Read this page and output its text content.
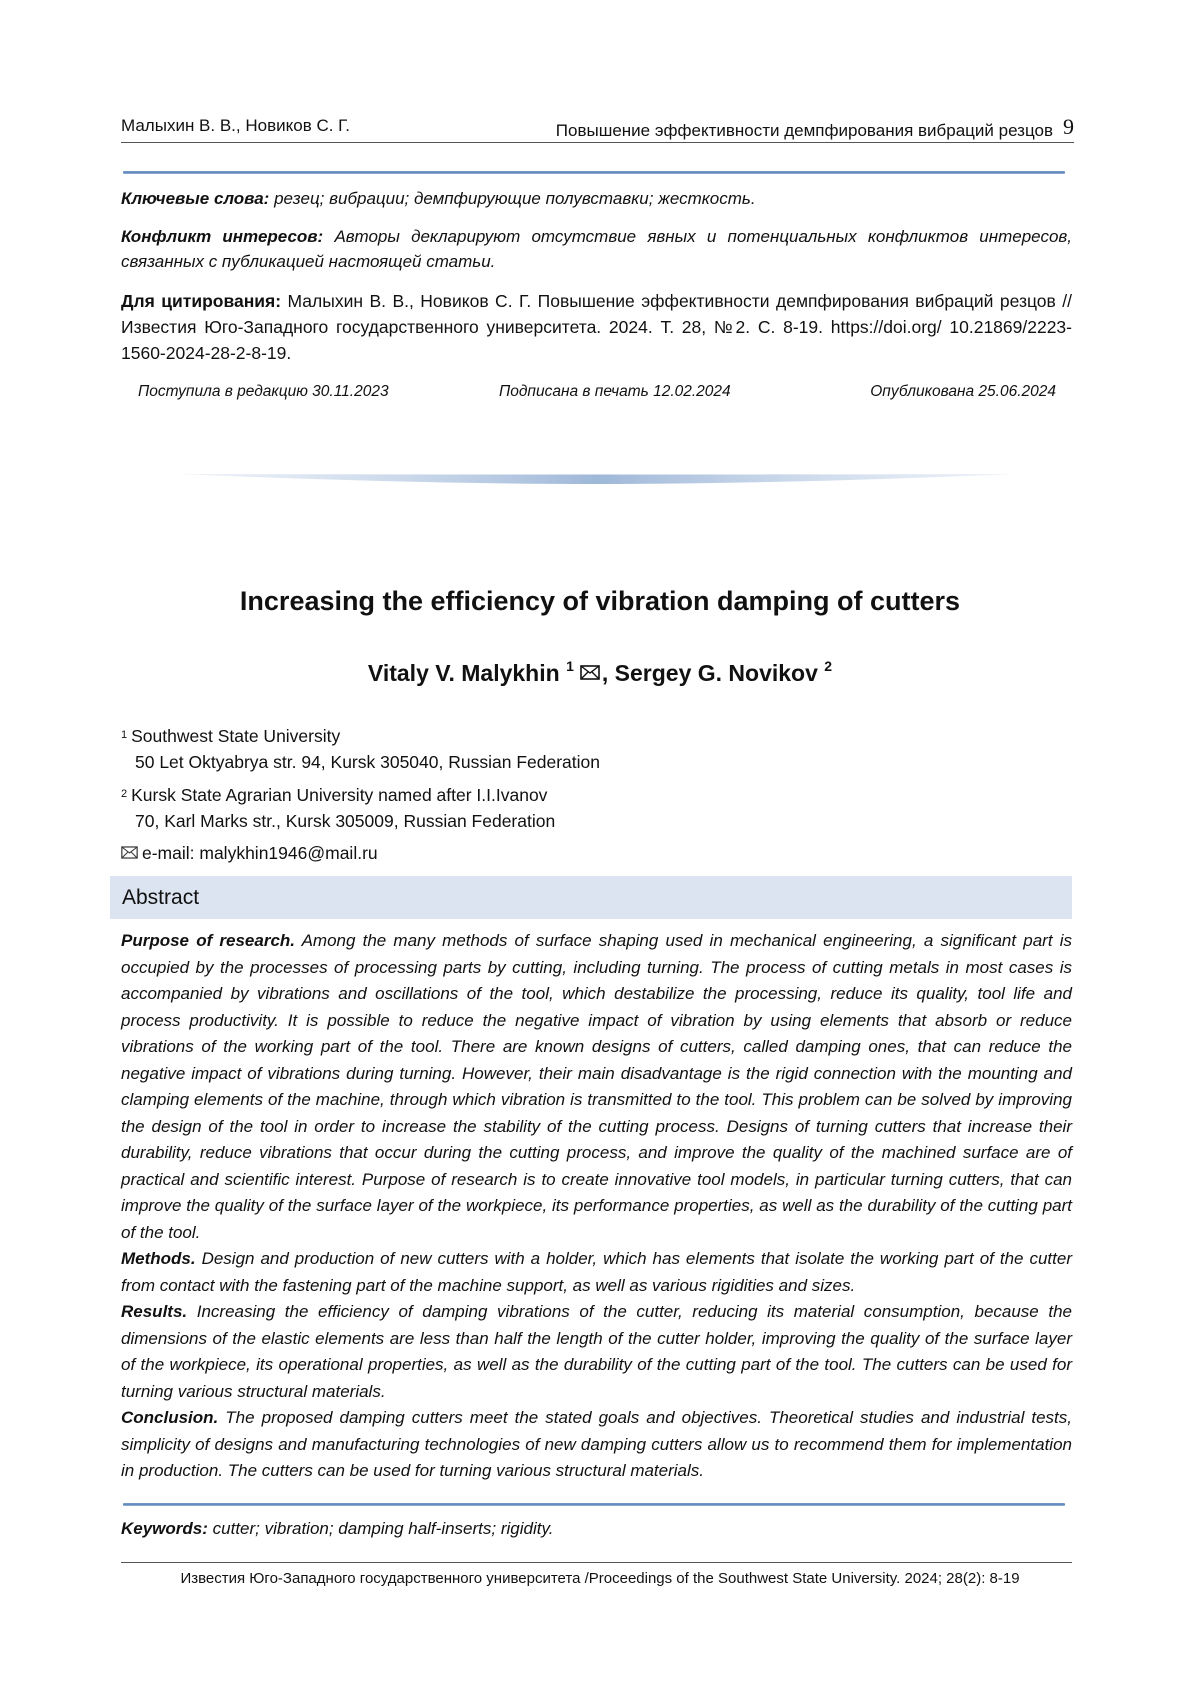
Малыхин В. В., Новиков С. Г.	Повышение эффективности демпфирования вибраций резцов 9

Ключевые слова: резец; вибрации; демпфирующие полувставки; жесткость.

Конфликт интересов: Авторы декларируют отсутствие явных и потенциальных конфликтов интересов, связанных с публикацией настоящей статьи.

Для цитирования: Малыхин В. В., Новиков С. Г. Повышение эффективности демпфирования вибраций резцов // Известия Юго-Западного государственного университета. 2024. Т. 28, №2. С. 8-19. https://doi.org/ 10.21869/2223-1560-2024-28-2-8-19.

Поступила в редакцию 30.11.2023	Подписана в печать 12.02.2024	Опубликована 25.06.2024
Increasing the efficiency of vibration damping of cutters
Vitaly V. Malykhin $^1$ , Sergey G. Novikov $^2$
$^1$ Southwest State University
50 Let Oktyabrya str. 94, Kursk 305040, Russian Federation
$^2$ Kursk State Agrarian University named after I.I.Ivanov
70, Karl Marks str., Kursk 305009, Russian Federation
e-mail: malykhin1946@mail.ru
Abstract

Purpose of research. Among the many methods of surface shaping used in mechanical engineering, a significant part is occupied by the processes of processing parts by cutting, including turning. The process of cutting metals in most cases is accompanied by vibrations and oscillations of the tool, which destabilize the processing, reduce its quality, tool life and process productivity. It is possible to reduce the negative impact of vibration by using elements that absorb or reduce vibrations of the working part of the tool. There are known designs of cutters, called damping ones, that can reduce the negative impact of vibrations during turning. However, their main disadvantage is the rigid connection with the mounting and clamping elements of the machine, through which vibration is transmitted to the tool. This problem can be solved by improving the design of the tool in order to increase the stability of the cutting process. Designs of turning cutters that increase their durability, reduce vibrations that occur during the cutting process, and improve the quality of the machined surface are of practical and scientific interest. Purpose of research is to create innovative tool models, in particular turning cutters, that can improve the quality of the surface layer of the workpiece, its performance properties, as well as the durability of the cutting part of the tool.

Methods. Design and production of new cutters with a holder, which has elements that isolate the working part of the cutter from contact with the fastening part of the machine support, as well as various rigidities and sizes.

Results. Increasing the efficiency of damping vibrations of the cutter, reducing its material consumption, because the dimensions of the elastic elements are less than half the length of the cutter holder, improving the quality of the surface layer of the workpiece, its operational properties, as well as the durability of the cutting part of the tool. The cutters can be used for turning various structural materials.

Conclusion. The proposed damping cutters meet the stated goals and objectives. Theoretical studies and industrial tests, simplicity of designs and manufacturing technologies of new damping cutters allow us to recommend them for implementation in production. The cutters can be used for turning various structural materials.

Keywords: cutter; vibration; damping half-inserts; rigidity.
Известия Юго-Западного государственного университета /Proceedings of the Southwest State University. 2024; 28(2): 8-19
